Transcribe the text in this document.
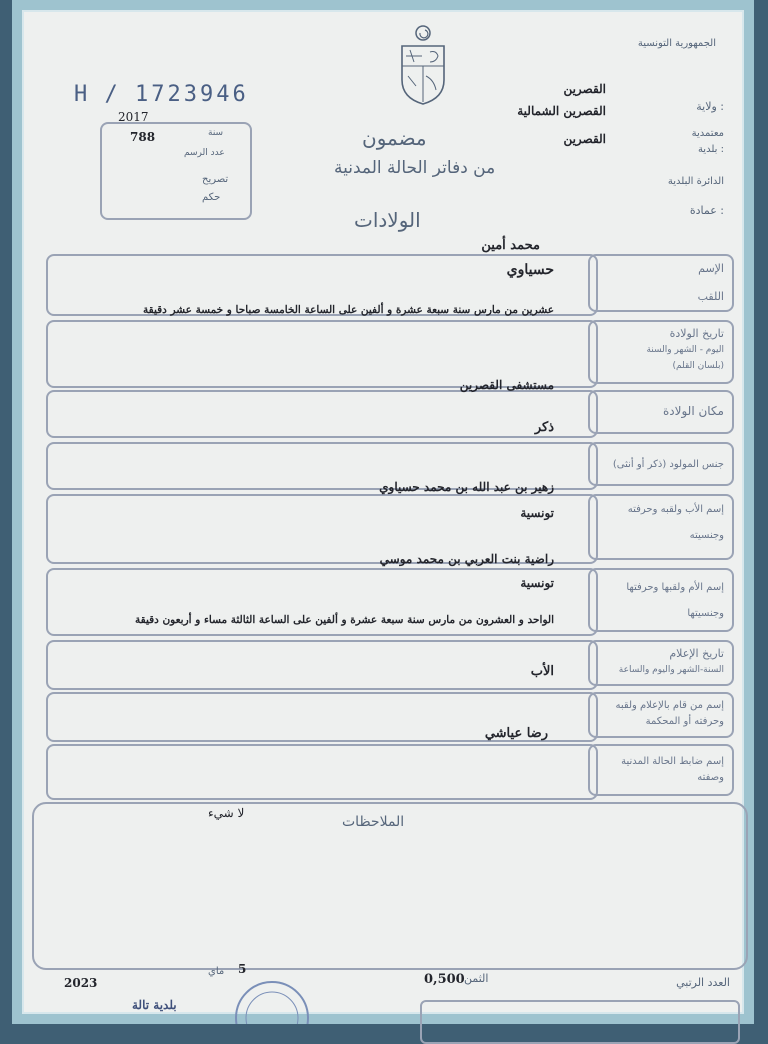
الجمهورية التونسية
ولاية :
القصرين
معتمدية
القصرين الشمالية
بلدية :
القصرين
الدائرة البلدية
عمادة :
H / 1723946
2017
سنة
788
عدد الرسم
تصريح
حكم
مضمون
من دفاتر الحالة المدنية
الولادات
الإسم
اللقب
محمد أمين
حسياوي
تاريخ الولادة
اليوم - الشهر والسنة
(بلسان القلم)
عشرين من مارس سنة سبعة عشرة و ألفين على الساعة الخامسة صباحا و خمسة عشر دقيقة
مكان الولادة
مستشفى القصرين
جنس المولود (ذكر أو أنثى)
ذكر
إسم الأب ولقبه وحرفته
وجنسيته
زهير بن عبد الله بن محمد حسياوي
تونسية
إسم الأم ولقبها وحرفتها
وجنسيتها
راضية بنت العربي بن محمد موسي
تونسية
الواحد و العشرون من مارس سنة سبعة عشرة و ألفين على الساعة الثالثة مساء و أربعون دقيقة
تاريخ الإعلام
السنة-الشهر واليوم والساعة
الأب
إسم من قام بالإعلام ولقبه
وحرفته أو المحكمة
رضا عياشي
إسم ضابط الحالة المدنية
وصفته
الملاحظات
لا شيء
العدد الرتبي
الثمن
0,500
5
ماي
2023
بلدية تالة
